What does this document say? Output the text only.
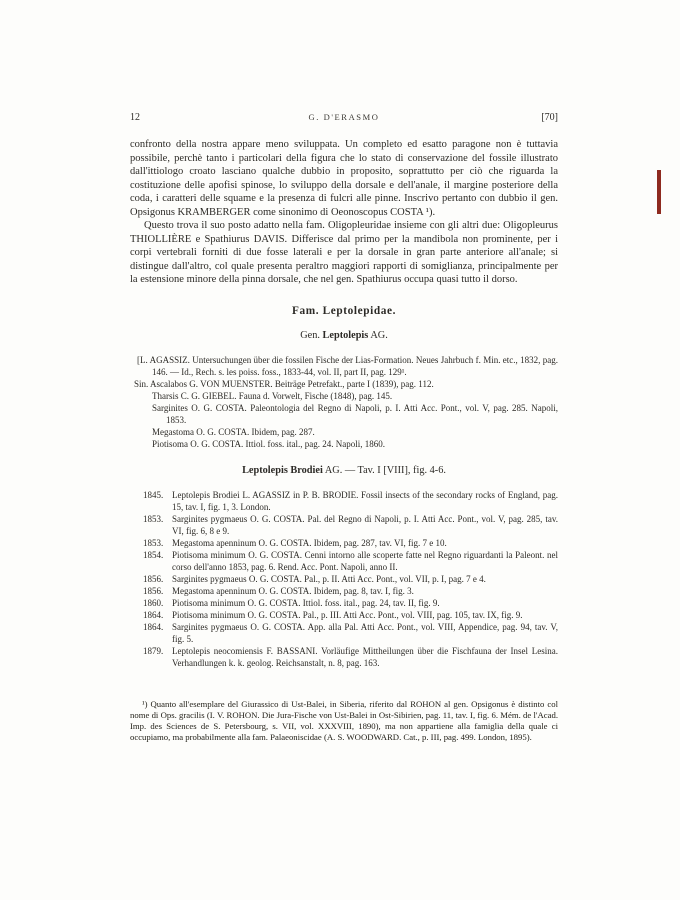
12	G. D'ERASMO	[70]

confronto della nostra appare meno sviluppata. Un completo ed esatto paragone non è tuttavia possibile, perchè tanto i particolari della figura che lo stato di conservazione del fossile illustrato dall'ittiologo croato lasciano qualche dubbio in proposito, soprattutto per ciò che riguarda la costituzione delle apofisi spinose, lo sviluppo della dorsale e dell'anale, il margine posteriore della coda, i caratteri delle squame e la presenza di fulcri alle pinne. Inscrivo pertanto con dubbio il gen. Opsigonus KRAMBERGER come sinonimo di Oeonoscopus COSTA ¹).

Questo trova il suo posto adatto nella fam. Oligopleuridae insieme con gli altri due: Oligopleurus THIOLLIÈRE e Spathiurus DAVIS. Differisce dal primo per la mandibola non prominente, per i corpi vertebrali forniti di due fosse laterali e per la dorsale in gran parte anteriore all'anale; si distingue dall'altro, col quale presenta peraltro maggiori rapporti di somiglianza, principalmente per la estensione minore della pinna dorsale, che nel gen. Spathiurus occupa quasi tutto il dorso.

Fam. Leptolepidae.
Gen. Leptolepis AG.
[L. AGASSIZ. Untersuchungen über die fossilen Fische der Lias-Formation. Neues Jahrbuch f. Min. etc., 1832, pag. 146. — Id., Rech. s. les poiss. foss., 1833-44, vol. II, part II, pag. 129¹.
Sin. Ascalabos G. VON MUENSTER. Beiträge Petrefakt., parte I (1839), pag. 112.
Tharsis C. G. GIEBEL. Fauna d. Vorwelt, Fische (1848), pag. 145.
Sarginites O. G. COSTA. Paleontologia del Regno di Napoli, p. I. Atti Acc. Pont., vol. V, pag. 285. Napoli, 1853.
Megastoma O. G. COSTA. Ibidem, pag. 287.
Piotisoma O. G. COSTA. Ittiol. foss. ital., pag. 24. Napoli, 1860.
Leptolepis Brodiei AG. — Tav. I [VIII], fig. 4-6.
1845. Leptolepis Brodiei L. AGASSIZ in P. B. BRODIE. Fossil insects of the secondary rocks of England, pag. 15, tav. I, fig. 1, 3. London.
1853. Sarginites pygmaeus O. G. COSTA. Pal. del Regno di Napoli, p. I. Atti Acc. Pont., vol. V, pag. 285, tav. VI, fig. 6, 8 e 9.
1853. Megastoma apenninum O. G. COSTA. Ibidem, pag. 287, tav. VI, fig. 7 e 10.
1854. Piotisoma minimum O. G. COSTA. Cenni intorno alle scoperte fatte nel Regno riguardanti la Paleont. nel corso dell'anno 1853, pag. 6. Rend. Acc. Pont. Napoli, anno II.
1856. Sarginites pygmaeus O. G. COSTA. Pal., p. II. Atti Acc. Pont., vol. VII, p. I, pag. 7 e 4.
1856. Megastoma apenninum O. G. COSTA. Ibidem, pag. 8, tav. I, fig. 3.
1860. Piotisoma minimum O. G. COSTA. Ittiol. foss. ital., pag. 24, tav. II, fig. 9.
1864. Piotisoma minimum O. G. COSTA. Pal., p. III. Atti Acc. Pont., vol. VIII, pag. 105, tav. IX, fig. 9.
1864. Sarginites pygmaeus O. G. COSTA. App. alla Pal. Atti Acc. Pont., vol. VIII, Appendice, pag. 94, tav. V, fig. 5.
1879. Leptolepis neocomiensis F. BASSANI. Vorläufige Mittheilungen über die Fischfauna der Insel Lesina. Verhandlungen k. k. geolog. Reichsanstalt, n. 8, pag. 163.
¹) Quanto all'esemplare del Giurassico di Ust-Balei, in Siberia, riferito dal ROHON al gen. Opsigonus è distinto col nome di Ops. gracilis (I. V. ROHON. Die Jura-Fische von Ust-Balei in Ost-Sibirien, pag. 11, tav. I, fig. 6. Mém. de l'Acad. Imp. des Sciences de S. Petersbourg, s. VII, vol. XXXVIII, 1890), ma non appartiene alla famiglia della quale ci occupiamo, ma probabilmente alla fam. Palaeoniscidae (A. S. WOODWARD. Cat., p. III, pag. 499. London, 1895).
